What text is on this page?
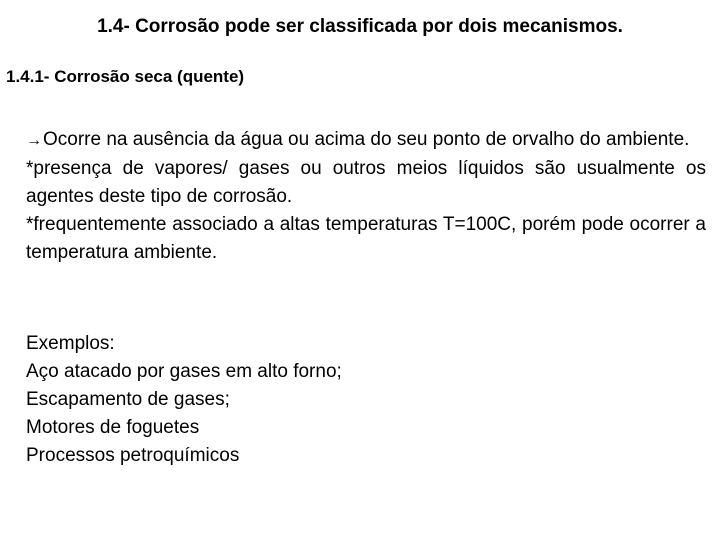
1.4- Corrosão pode ser classificada por dois mecanismos.
1.4.1- Corrosão seca (quente)

→Ocorre na ausência da água ou acima do seu ponto de orvalho do ambiente.

*presença de vapores/ gases ou outros meios líquidos são usualmente os agentes deste tipo de corrosão.

*frequentemente associado a altas temperaturas T=100C, porém pode ocorrer a temperatura ambiente.

Exemplos:
Aço atacado por gases em alto forno;
Escapamento de gases;
Motores de foguetes
Processos petroquímicos
